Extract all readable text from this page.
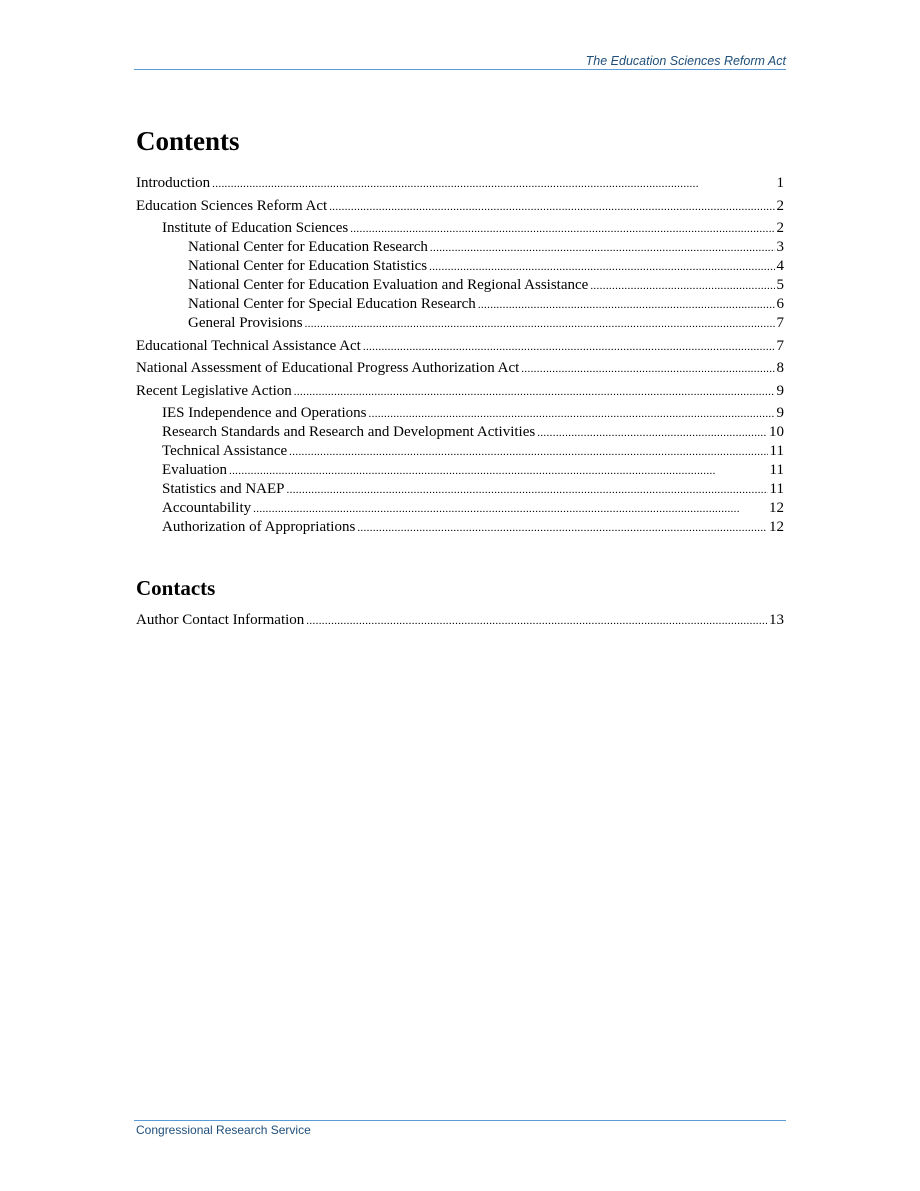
The Education Sciences Reform Act
Contents
Introduction . . .	1
Education Sciences Reform Act . . .	2
Institute of Education Sciences . . .	2
National Center for Education Research . . .	3
National Center for Education Statistics . . .	4
National Center for Education Evaluation and Regional Assistance . . .	5
National Center for Special Education Research . . .	6
General Provisions . . .	7
Educational Technical Assistance Act . . .	7
National Assessment of Educational Progress Authorization Act . . .	8
Recent Legislative Action . . .	9
IES Independence and Operations . . .	9
Research Standards and Research and Development Activities . . .	10
Technical Assistance . . .	11
Evaluation . . .	11
Statistics and NAEP . . .	11
Accountability . . .	12
Authorization of Appropriations . . .	12
Contacts
Author Contact Information . . .	13
Congressional Research Service
